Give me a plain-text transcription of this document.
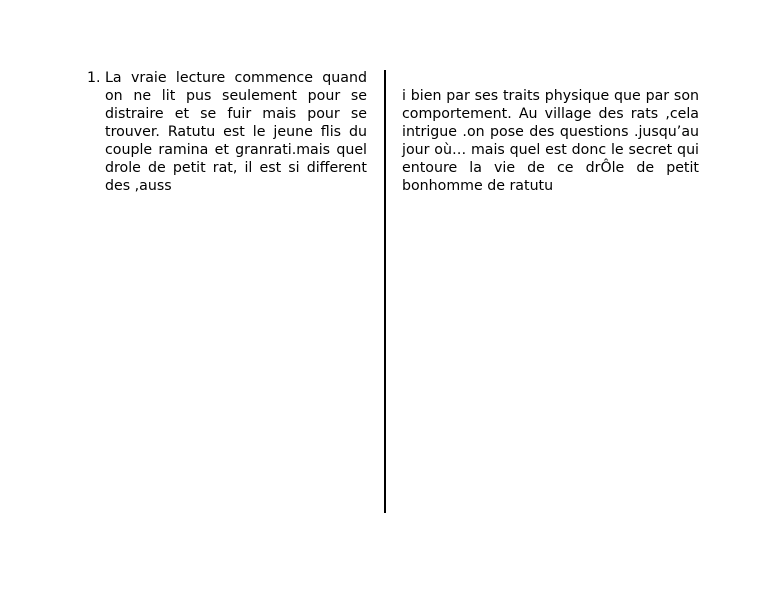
1. La vraie lecture commence quand on ne lit pus seulement pour se distraire et se fuir mais pour se trouver. Ratutu est le jeune flis du couple ramina et granrati.mais quel drole de petit rat, il est si different des ,auss
i bien par ses traits physique que par son comportement. Au village des rats ,cela intrigue .on pose des questions .jusqu’au jour où… mais quel est donc le secret qui entoure la vie de ce drÔle de petit bonhomme de ratutu
